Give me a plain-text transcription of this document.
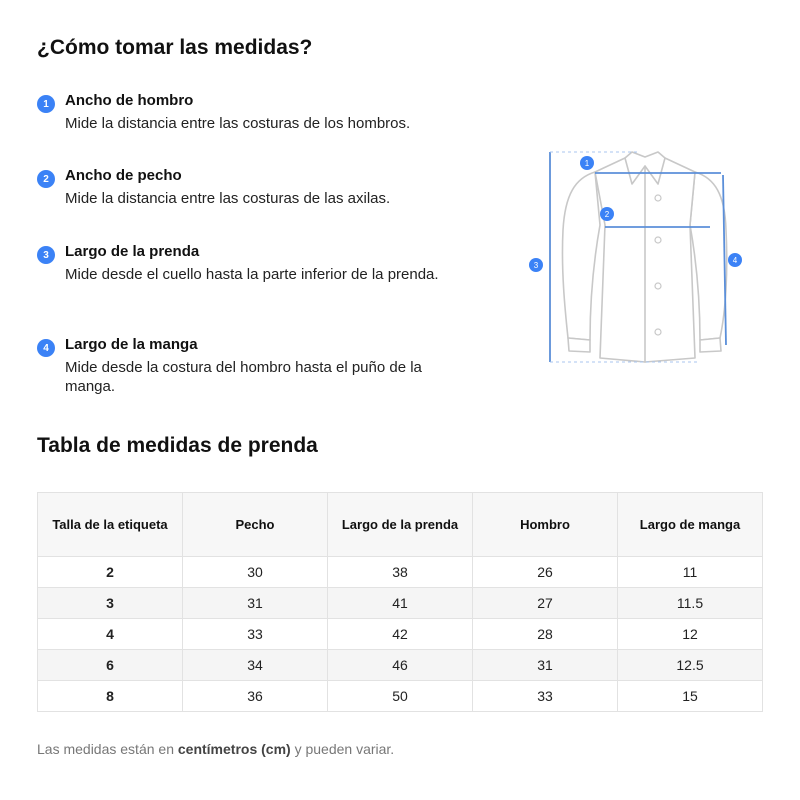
¿Cómo tomar las medidas?
1	Ancho de hombro

Mide la distancia entre las costuras de los hombros.

2	Ancho de pecho

Mide la distancia entre las costuras de las axilas.

3	Largo de la prenda

Mide desde el cuello hasta la parte inferior de la prenda.

4	Largo de la manga

Mide desde la costura del hombro hasta el puño de la manga.

1
2
3
4
Tabla de medidas de prenda
Talla de la etiqueta	Pecho	Largo de la prenda	Hombro	Largo de manga
2	30	38	26	11
3	31	41	27	11.5
4	33	42	28	12
6	34	46	31	12.5
8	36	50	33	15

Las medidas están en centímetros (cm) y pueden variar.
